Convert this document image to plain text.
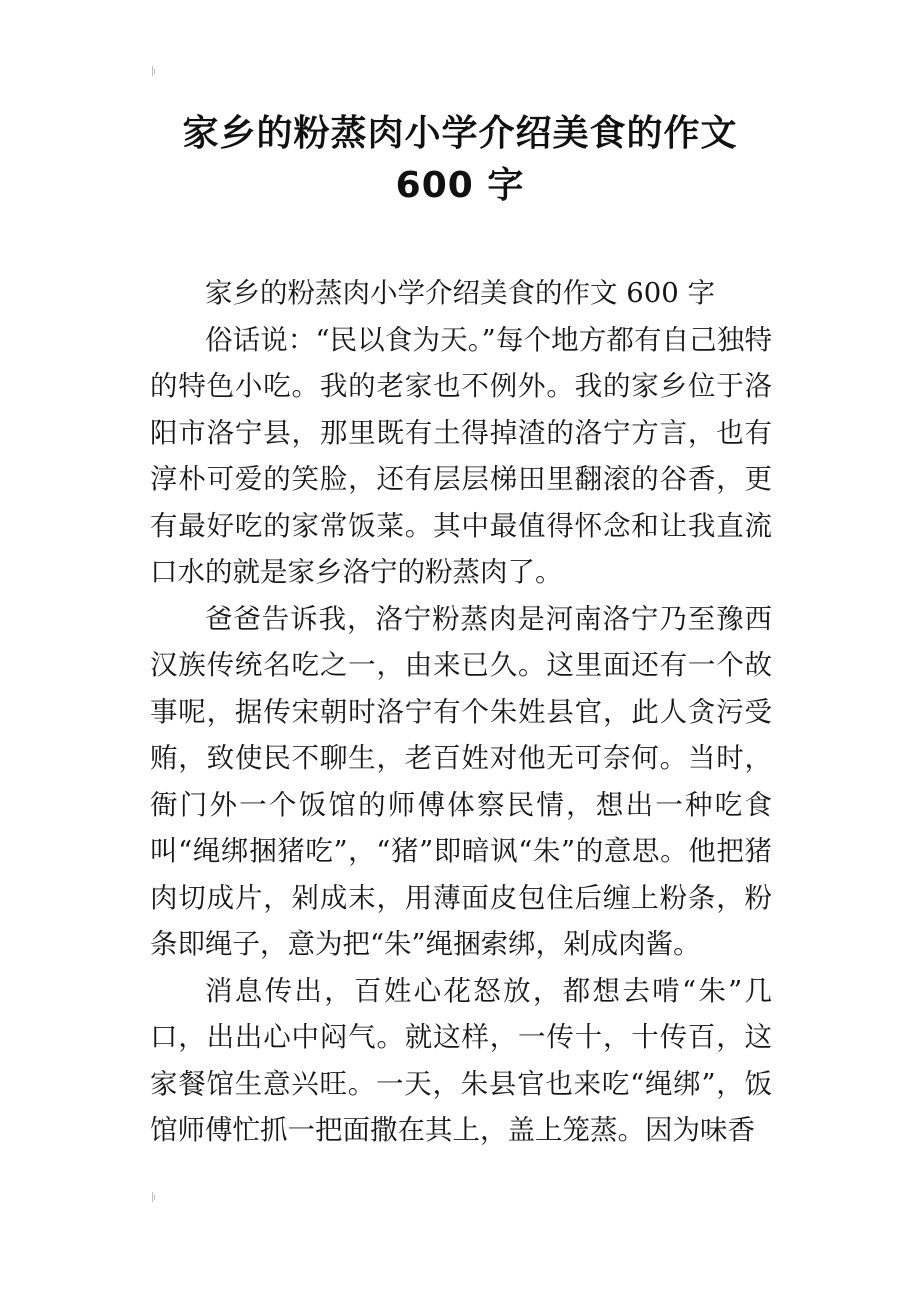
家乡的粉蒸肉小学介绍美食的作文
600 字

家乡的粉蒸肉小学介绍美食的作文 600 字

俗话说：“民以食为天。”每个地方都有自己独特的特色小吃。我的老家也不例外。我的家乡位于洛阳市洛宁县，那里既有土得掉渣的洛宁方言，也有淳朴可爱的笑脸，还有层层梯田里翻滚的谷香，更有最好吃的家常饭菜。其中最值得怀念和让我直流口水的就是家乡洛宁的粉蒸肉了。

爸爸告诉我，洛宁粉蒸肉是河南洛宁乃至豫西汉族传统名吃之一，由来已久。这里面还有一个故事呢，据传宋朝时洛宁有个朱姓县官，此人贪污受贿，致使民不聊生，老百姓对他无可奈何。当时，衙门外一个饭馆的师傅体察民情，想出一种吃食叫“绳绑捆猪吃”，“猪”即暗讽“朱”的意思。他把猪肉切成片，剁成末，用薄面皮包住后缠上粉条，粉条即绳子，意为把“朱”绳捆索绑，剁成肉酱。

消息传出，百姓心花怒放，都想去啃“朱”几口，出出心中闷气。就这样，一传十，十传百，这家餐馆生意兴旺。一天，朱县官也来吃“绳绑”，饭馆师傅忙抓一把面撒在其上，盖上笼蒸。因为味香
